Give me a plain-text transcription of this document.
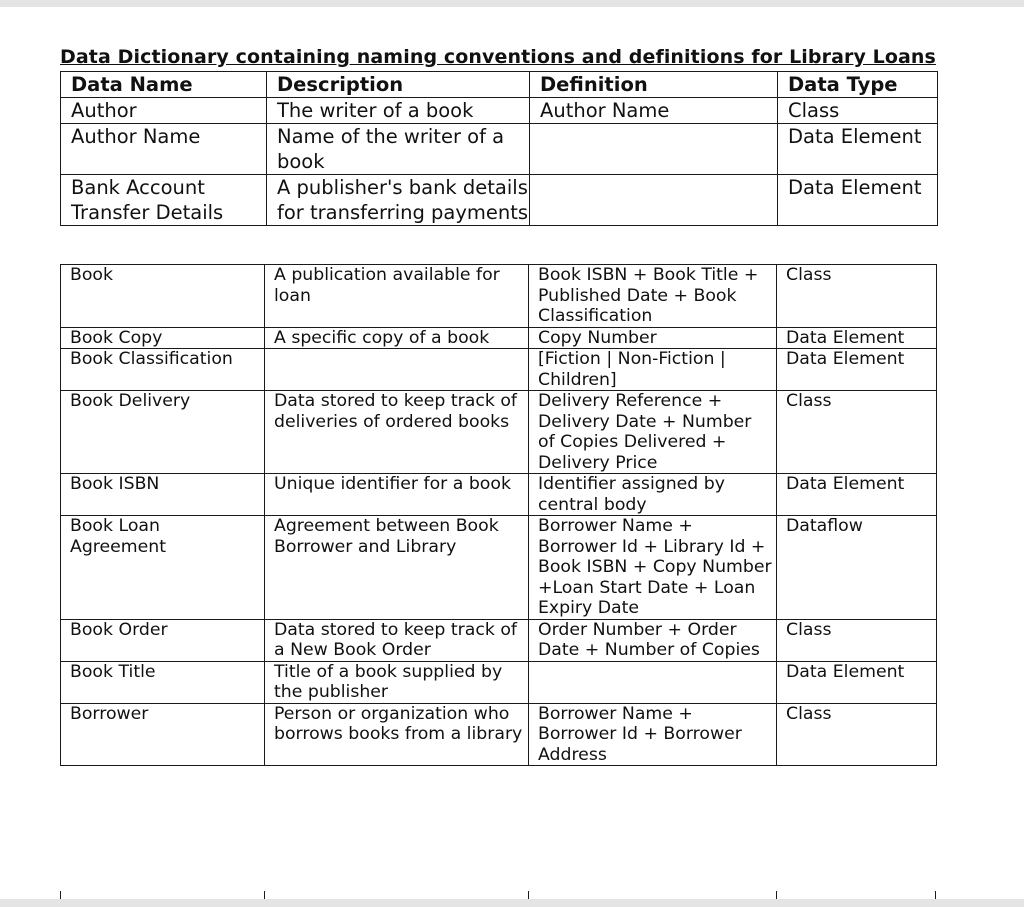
Data Dictionary containing naming conventions and definitions for Library Loans
Data Name	Description	Definition	Data Type
Author	The writer of a book	Author Name	Class
Author Name	Name of the writer of a book		Data Element
Bank Account Transfer Details	A publisher's bank details for transferring payments		Data Element
Book	A publication available for loan	Book ISBN + Book Title + Published Date + Book Classification	Class
Book Copy	A specific copy of a book	Copy Number	Data Element
Book Classification		[Fiction | Non-Fiction | Children]	Data Element
Book Delivery	Data stored to keep track of deliveries of ordered books	Delivery Reference + Delivery Date + Number of Copies Delivered + Delivery Price	Class
Book ISBN	Unique identifier for a book	Identifier assigned by central body	Data Element
Book Loan Agreement	Agreement between Book Borrower and Library	Borrower Name + Borrower Id + Library Id + Book ISBN + Copy Number +Loan Start Date + Loan Expiry Date	Dataflow
Book Order	Data stored to keep track of a New Book Order	Order Number + Order Date + Number of Copies	Class
Book Title	Title of a book supplied by the publisher		Data Element
Borrower	Person or organization who borrows books from a library	Borrower Name + Borrower Id + Borrower Address	Class
